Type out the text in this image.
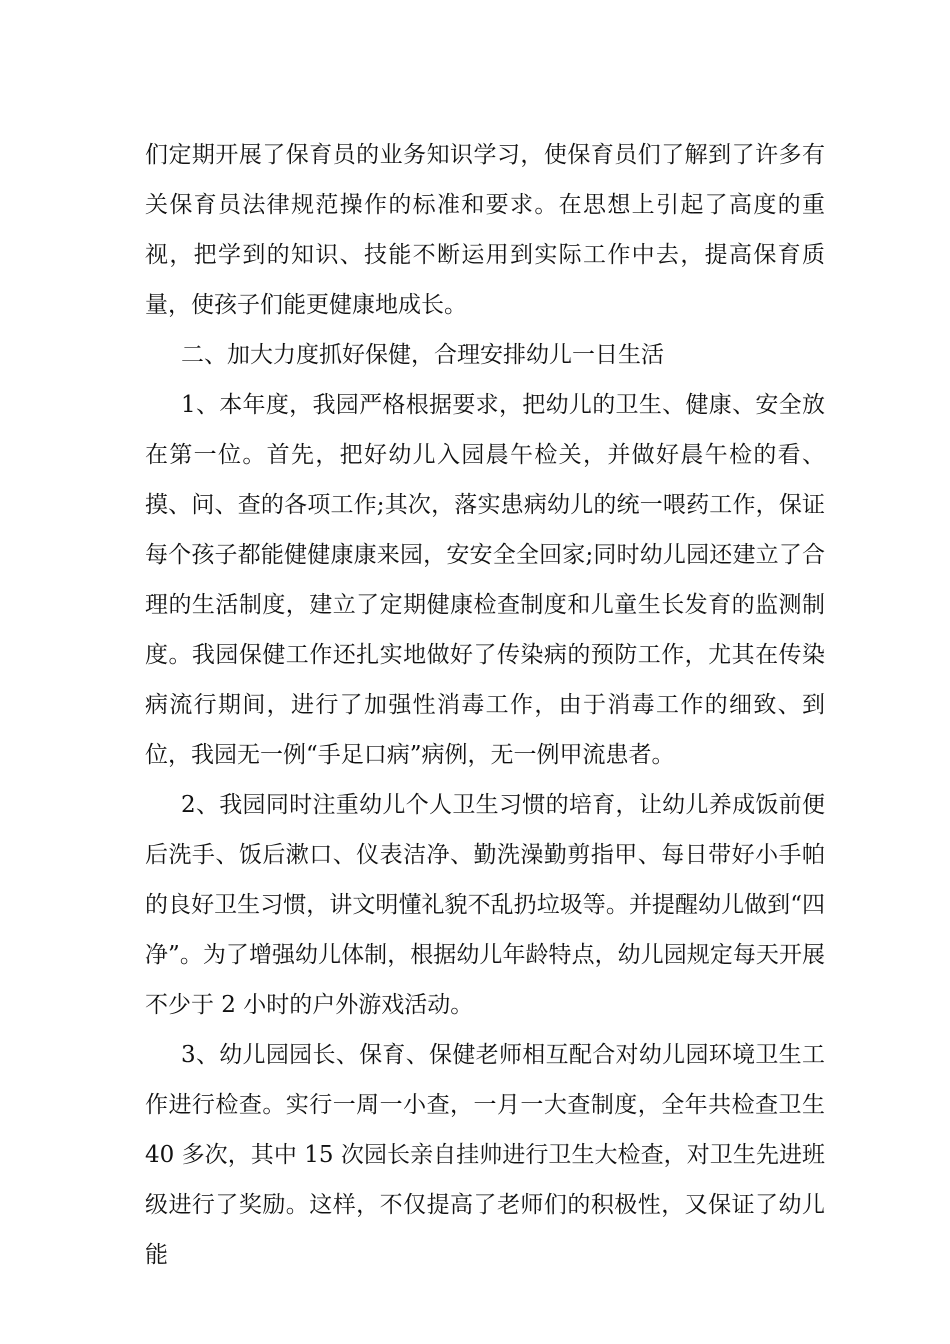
们定期开展了保育员的业务知识学习，使保育员们了解到了许多有关保育员法律规范操作的标准和要求。在思想上引起了高度的重视，把学到的知识、技能不断运用到实际工作中去，提高保育质量，使孩子们能更健康地成长。

二、加大力度抓好保健，合理安排幼儿一日生活

1、本年度，我园严格根据要求，把幼儿的卫生、健康、安全放在第一位。首先，把好幼儿入园晨午检关，并做好晨午检的看、摸、问、查的各项工作;其次，落实患病幼儿的统一喂药工作，保证每个孩子都能健健康康来园，安安全全回家;同时幼儿园还建立了合理的生活制度，建立了定期健康检查制度和儿童生长发育的监测制度。我园保健工作还扎实地做好了传染病的预防工作，尤其在传染病流行期间，进行了加强性消毒工作，由于消毒工作的细致、到位，我园无一例“手足口病”病例，无一例甲流患者。

2、我园同时注重幼儿个人卫生习惯的培育，让幼儿养成饭前便后洗手、饭后漱口、仪表洁净、勤洗澡勤剪指甲、每日带好小手帕的良好卫生习惯，讲文明懂礼貌不乱扔垃圾等。并提醒幼儿做到“四净”。为了增强幼儿体制，根据幼儿年龄特点，幼儿园规定每天开展不少于 2 小时的户外游戏活动。

3、幼儿园园长、保育、保健老师相互配合对幼儿园环境卫生工作进行检查。实行一周一小查，一月一大查制度，全年共检查卫生 40 多次，其中 15 次园长亲自挂帅进行卫生大检查，对卫生先进班级进行了奖励。这样，不仅提高了老师们的积极性，又保证了幼儿能
